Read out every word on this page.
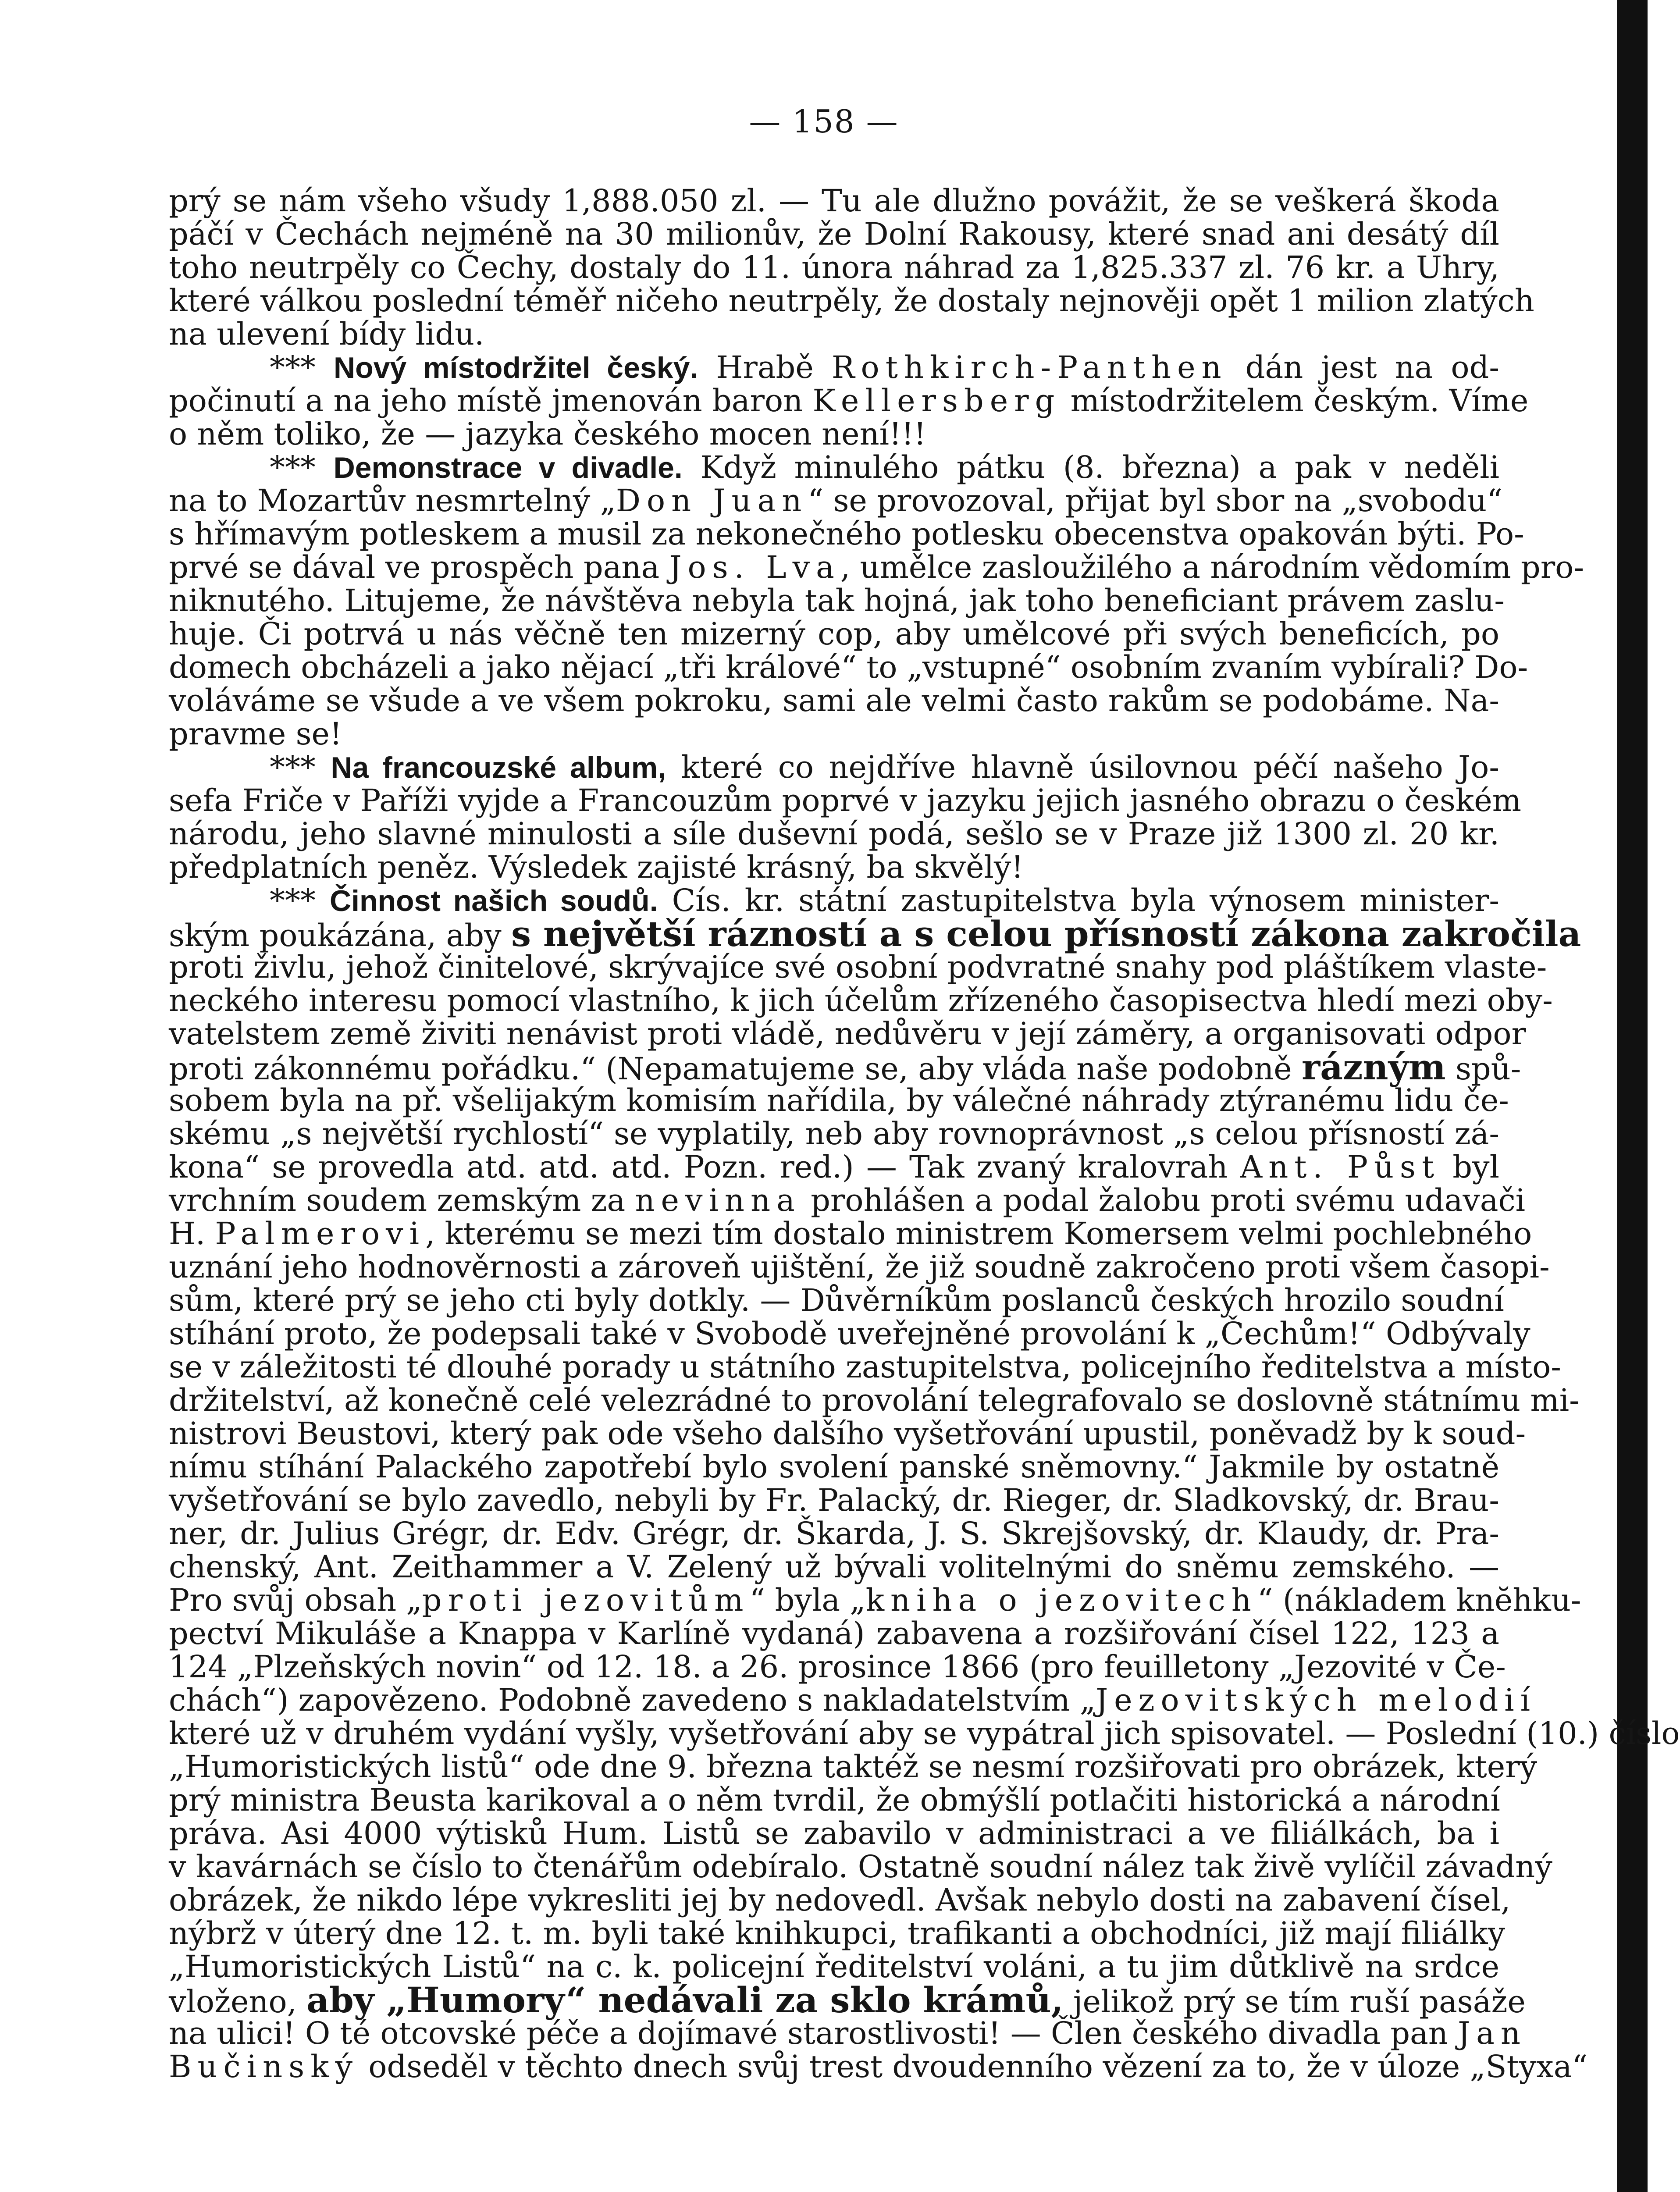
— 158 —
prý se nám všeho všudy 1,888.050 zl. — Tu ale dlužno povážit, že se veškerá škoda
páčí v Čechách nejméně na 30 milionův, že Dolní Rakousy, které snad ani desátý díl
toho neutrpěly co Čechy, dostaly do 11. února náhrad za 1,825.337 zl. 76 kr. a Uhry,
které válkou poslední téměř ničeho neutrpěly, že dostaly nejnověji opět 1 milion zlatých
na ulevení bídy lidu.
*** Nový místodržitel český. Hrabě Rothkirch-Panthen dán jest na od-
počinutí a na jeho místě jmenován baron Kellersberg místodržitelem českým. Víme
o něm toliko, že — jazyka českého mocen není!!!
*** Demonstrace v divadle. Když minulého pátku (8. března) a pak v neděli
na to Mozartův nesmrtelný „Don Juan“ se provozoval, přijat byl sbor na „svobodu“
s hřímavým potleskem a musil za nekonečného potlesku obecenstva opakován býti. Po-
prvé se dával ve prospěch pana Jos. Lva, umělce zasloužilého a národním vědomím pro-
niknutého. Litujeme, že návštěva nebyla tak hojná, jak toho beneficiant právem zaslu-
huje. Či potrvá u nás věčně ten mizerný cop, aby umělcové při svých beneficích, po
domech obcházeli a jako nějací „tři králové“ to „vstupné“ osobním zvaním vybírali? Do-
voláváme se všude a ve všem pokroku, sami ale velmi často rakům se podobáme. Na-
pravme se!
*** Na francouzské album, které co nejdříve hlavně úsilovnou péčí našeho Jo-
sefa Friče v Paříži vyjde a Francouzům poprvé v jazyku jejich jasného obrazu o českém
národu, jeho slavné minulosti a síle duševní podá, sešlo se v Praze již 1300 zl. 20 kr.
předplatních peněz. Výsledek zajisté krásný, ba skvělý!
*** Činnost našich soudů. Cís. kr. státní zastupitelstva byla výnosem minister-
ským poukázána, aby s největší rázností a s celou přísností zákona zakročila
proti živlu, jehož činitelové, skrývajíce své osobní podvratné snahy pod pláštíkem vlaste-
neckého interesu pomocí vlastního, k jich účelům zřízeného časopisectva hledí mezi oby-
vatelstem země živiti nenávist proti vládě, nedůvěru v její záměry, a organisovati odpor
proti zákonnému pořádku.“ (Nepamatujeme se, aby vláda naše podobně rázným spů-
sobem byla na př. všelijakým komisím nařídila, by válečné náhrady ztýranému lidu če-
skému „s největší rychlostí“ se vyplatily, neb aby rovnoprávnost „s celou přísností zá-
kona“ se provedla atd. atd. atd. Pozn. red.) — Tak zvaný kralovrah Ant. Půst byl
vrchním soudem zemským za nevinna prohlášen a podal žalobu proti svému udavači
H. Palmerovi, kterému se mezi tím dostalo ministrem Komersem velmi pochlebného
uznání jeho hodnověrnosti a zároveň ujištění, že již soudně zakročeno proti všem časopi-
sům, které prý se jeho cti byly dotkly. — Důvěrníkům poslanců českých hrozilo soudní
stíhání proto, že podepsali také v Svobodě uveřejněné provolání k „Čechům!“ Odbývaly
se v záležitosti té dlouhé porady u státního zastupitelstva, policejního ředitelstva a místo-
držitelství, až konečně celé velezrádné to provolání telegrafovalo se doslovně státnímu mi-
nistrovi Beustovi, který pak ode všeho dalšího vyšetřování upustil, poněvadž by k soud-
nímu stíhání Palackého zapotřebí bylo svolení panské sněmovny.“ Jakmile by ostatně
vyšetřování se bylo zavedlo, nebyli by Fr. Palacký, dr. Rieger, dr. Sladkovský, dr. Brau-
ner, dr. Julius Grégr, dr. Edv. Grégr, dr. Škarda, J. S. Skrejšovský, dr. Klaudy, dr. Pra-
chenský, Ant. Zeithammer a V. Zelený už bývali volitelnými do sněmu zemského. —
Pro svůj obsah „proti jezovitům“ byla „kniha o jezovitech“ (nákladem knĕhku-
pectví Mikuláše a Knappa v Karlíně vydaná) zabavena a rozšiřování čísel 122, 123 a
124 „Plzeňských novin“ od 12. 18. a 26. prosince 1866 (pro feuilletony „Jezovité v Če-
chách“) zapovězeno. Podobně zavedeno s nakladatelstvím „Jezovitských melodií
které už v druhém vydání vyšly, vyšetřování aby se vypátral jich spisovatel. — Poslední (10.) číslo
„Humoristických listů“ ode dne 9. března taktéž se nesmí rozšiřovati pro obrázek, který
prý ministra Beusta karikoval a o něm tvrdil, že obmýšlí potlačiti historická a národní
práva. Asi 4000 výtisků Hum. Listů se zabavilo v administraci a ve filiálkách, ba i
v kavárnách se číslo to čtenářům odebíralo. Ostatně soudní nález tak živě vylíčil závadný
obrázek, že nikdo lépe vykresliti jej by nedovedl. Avšak nebylo dosti na zabavení čísel,
nýbrž v úterý dne 12. t. m. byli také knihkupci, trafikanti a obchodníci, již mají filiálky
„Humoristických Listů“ na c. k. policejní ředitelství voláni, a tu jim důtklivě na srdce
vloženo, aby „Humory“ nedávali za sklo krámů, jelikož prý se tím ruší pasáže
na ulici! O té otcovské péče a dojímavé starostlivosti! — Člen českého divadla pan Jan
Bučinský odseděl v těchto dnech svůj trest dvoudenního vězení za to, že v úloze „Styxa“
